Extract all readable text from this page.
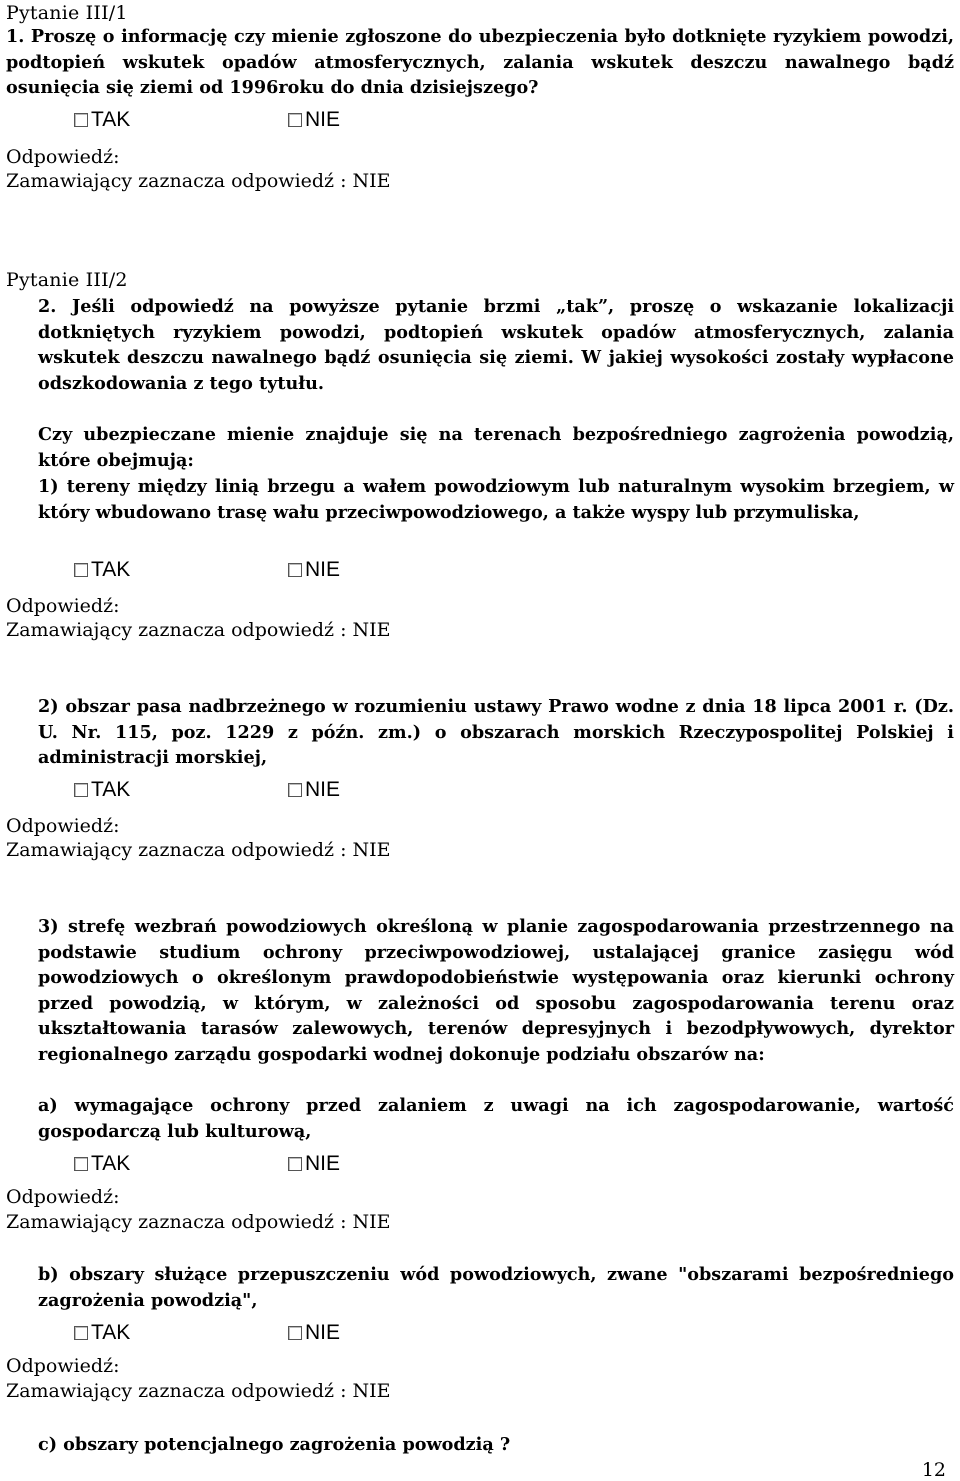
Pytanie III/1

1. Proszę o informację czy mienie zgłoszone do ubezpieczenia było dotknięte ryzykiem powodzi, podtopień wskutek opadów atmosferycznych, zalania wskutek deszczu nawalnego bądź osunięcia się ziemi od 1996roku do dnia dzisiejszego?

TAK	NIE
Odpowiedź:
Zamawiający zaznacza odpowiedź : NIE
Pytanie III/2

2. Jeśli odpowiedź na powyższe pytanie brzmi „tak”, proszę o wskazanie lokalizacji dotkniętych ryzykiem powodzi, podtopień wskutek opadów atmosferycznych, zalania wskutek deszczu nawalnego bądź osunięcia się ziemi. W jakiej wysokości zostały wypłacone odszkodowania z tego tytułu.

Czy ubezpieczane mienie znajduje się na terenach bezpośredniego zagrożenia powodzią, które obejmują:

1) tereny między linią brzegu a wałem powodziowym lub naturalnym wysokim brzegiem, w który wbudowano trasę wału przeciwpowodziowego, a także wyspy lub przymuliska,

TAK	NIE
Odpowiedź:
Zamawiający zaznacza odpowiedź : NIE

2) obszar pasa nadbrzeżnego w rozumieniu ustawy Prawo wodne z dnia 18 lipca 2001 r. (Dz. U. Nr. 115, poz. 1229 z późn. zm.) o obszarach morskich Rzeczypospolitej Polskiej i administracji morskiej,

TAK	NIE
Odpowiedź:
Zamawiający zaznacza odpowiedź : NIE

3) strefę wezbrań powodziowych określoną w planie zagospodarowania przestrzennego na podstawie studium ochrony przeciwpowodziowej, ustalającej granice zasięgu wód powodziowych o określonym prawdopodobieństwie występowania oraz kierunki ochrony przed powodzią, w którym, w zależności od sposobu zagospodarowania terenu oraz ukształtowania tarasów zalewowych, terenów depresyjnych i bezodpływowych, dyrektor regionalnego zarządu gospodarki wodnej dokonuje podziału obszarów na:

a) wymagające ochrony przed zalaniem z uwagi na ich zagospodarowanie, wartość gospodarczą lub kulturową,

TAK	NIE
Odpowiedź:
Zamawiający zaznacza odpowiedź : NIE

b) obszary służące przepuszczeniu wód powodziowych, zwane "obszarami bezpośredniego zagrożenia powodzią",

TAK	NIE
Odpowiedź:
Zamawiający zaznacza odpowiedź : NIE

c) obszary potencjalnego zagrożenia powodzią ?

12
